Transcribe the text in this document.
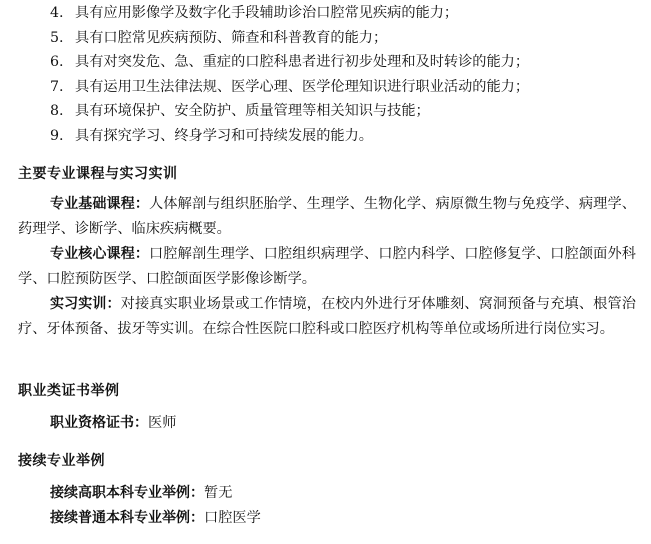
4. 具有应用影像学及数字化手段辅助诊治口腔常见疾病的能力；
5. 具有口腔常见疾病预防、筛查和科普教育的能力；
6. 具有对突发危、急、重症的口腔科患者进行初步处理和及时转诊的能力；
7. 具有运用卫生法律法规、医学心理、医学伦理知识进行职业活动的能力；
8. 具有环境保护、安全防护、质量管理等相关知识与技能；
9. 具有探究学习、终身学习和可持续发展的能力。
主要专业课程与实习实训

专业基础课程：人体解剖与组织胚胎学、生理学、生物化学、病原微生物与免疫学、病理学、药理学、诊断学、临床疾病概要。

专业核心课程：口腔解剖生理学、口腔组织病理学、口腔内科学、口腔修复学、口腔颌面外科学、口腔预防医学、口腔颌面医学影像诊断学。

实习实训：对接真实职业场景或工作情境，在校内外进行牙体雕刻、窝洞预备与充填、根管治疗、牙体预备、拔牙等实训。在综合性医院口腔科或口腔医疗机构等单位或场所进行岗位实习。

职业类证书举例
职业资格证书：医师
接续专业举例
接续高职本科专业举例：暂无
接续普通本科专业举例：口腔医学
